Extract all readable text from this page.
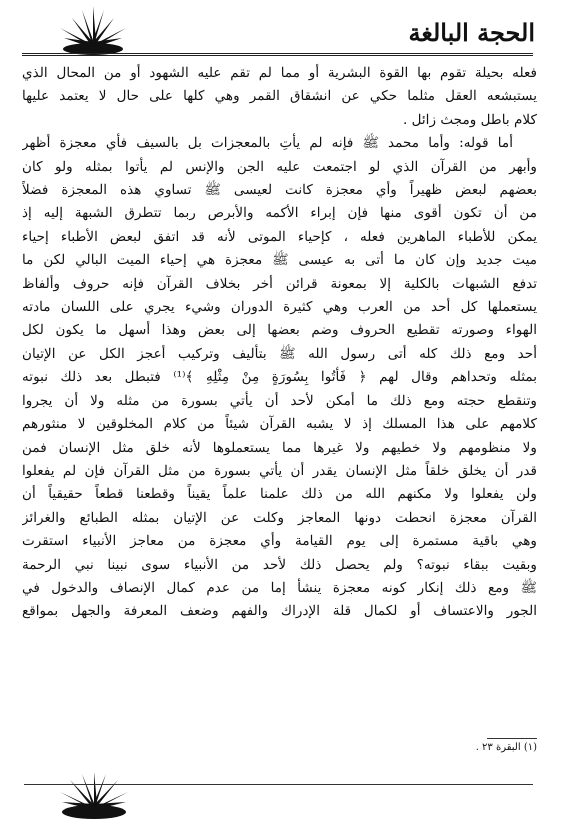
الحجة البالغة
فعله بحيلة تقوم بها القوة البشرية أو مما لم تقم عليه الشهود أو من المحال الذي
يستبشعه العقل مثلما حكي عن انشقاق القمر وهي كلها على حال لا يعتمد عليها
كلام باطل ومجث زائل .
أما قوله: وأما محمد ﷺ فإنه لم يأتِ بالمعجزات بل بالسيف فأي معجزة أظهر
وأبهر من القرآن الذي لو اجتمعت عليه الجن والإنس لم يأتوا بمثله ولو كان
بعضهم لبعض ظهيراً وأي معجزة كانت لعيسى ﷺ تساوي هذه المعجزة فضلاً
من أن تكون أقوى منها فإن إبراء الأكمه والأبرص ربما تتطرق الشبهة إليه إذ
يمكن للأطباء الماهرين فعله ، كإحياء الموتى لأنه قد اتفق لبعض الأطباء إحياء
ميت جديد وإن كان ما أتى به عيسى ﷺ معجزة هي إحياء الميت البالي لكن ما
تدفع الشبهات بالكلية إلا بمعونة قرائن أخر بخلاف القرآن فإنه حروف وألفاظ
يستعملها كل أحد من العرب وهي كثيرة الدوران وشيء يجري على اللسان مادته
الهواء وصورته تقطيع الحروف وضم بعضها إلى بعض وهذا أسهل ما يكون لكل
أحد ومع ذلك كله أتى رسول الله ﷺ بتأليف وتركيب أعجز الكل عن الإتيان
بمثله وتحداهم وقال لهم ﴿ فَأْتُوا بِسُورَةٍ مِنْ مِثْلِهِ ﴾⁽¹⁾ فتبطل بعد ذلك نبوته
وتنقطع حجته ومع ذلك ما أمكن لأحد أن يأتي بسورة من مثله ولا أن يجروا
كلامهم على هذا المسلك إذ لا يشبه القرآن شيئاً من كلام المخلوقين لا منثورهم
ولا منظومهم ولا خطيهم ولا غيرها مما يستعملوها لأنه خلق مثل الإنسان فمن
قدر أن يخلق خلقاً مثل الإنسان يقدر أن يأتي بسورة من مثل القرآن فإن لم يفعلوا
ولن يفعلوا ولا مكنهم الله من ذلك علمنا علماً يقيناً وقطعنا قطعاً حقيقياً أن
القرآن معجزة انحطت دونها المعاجز وكلت عن الإتيان بمثله الطبائع والغرائز
وهي باقية مستمرة إلى يوم القيامة وأي معجزة من معاجز الأنبياء استقرت
وبقيت ببقاء نبوته؟ ولم يحصل ذلك لأحد من الأنبياء سوى نبينا نبي الرحمة
ﷺ ومع ذلك إنكار كونه معجزة ينشأ إما من عدم كمال الإنصاف والدخول في
الجور والاعتساف أو لكمال قلة الإدراك والفهم وضعف المعرفة والجهل بمواقع
(١) البقرة ٢٣ .
